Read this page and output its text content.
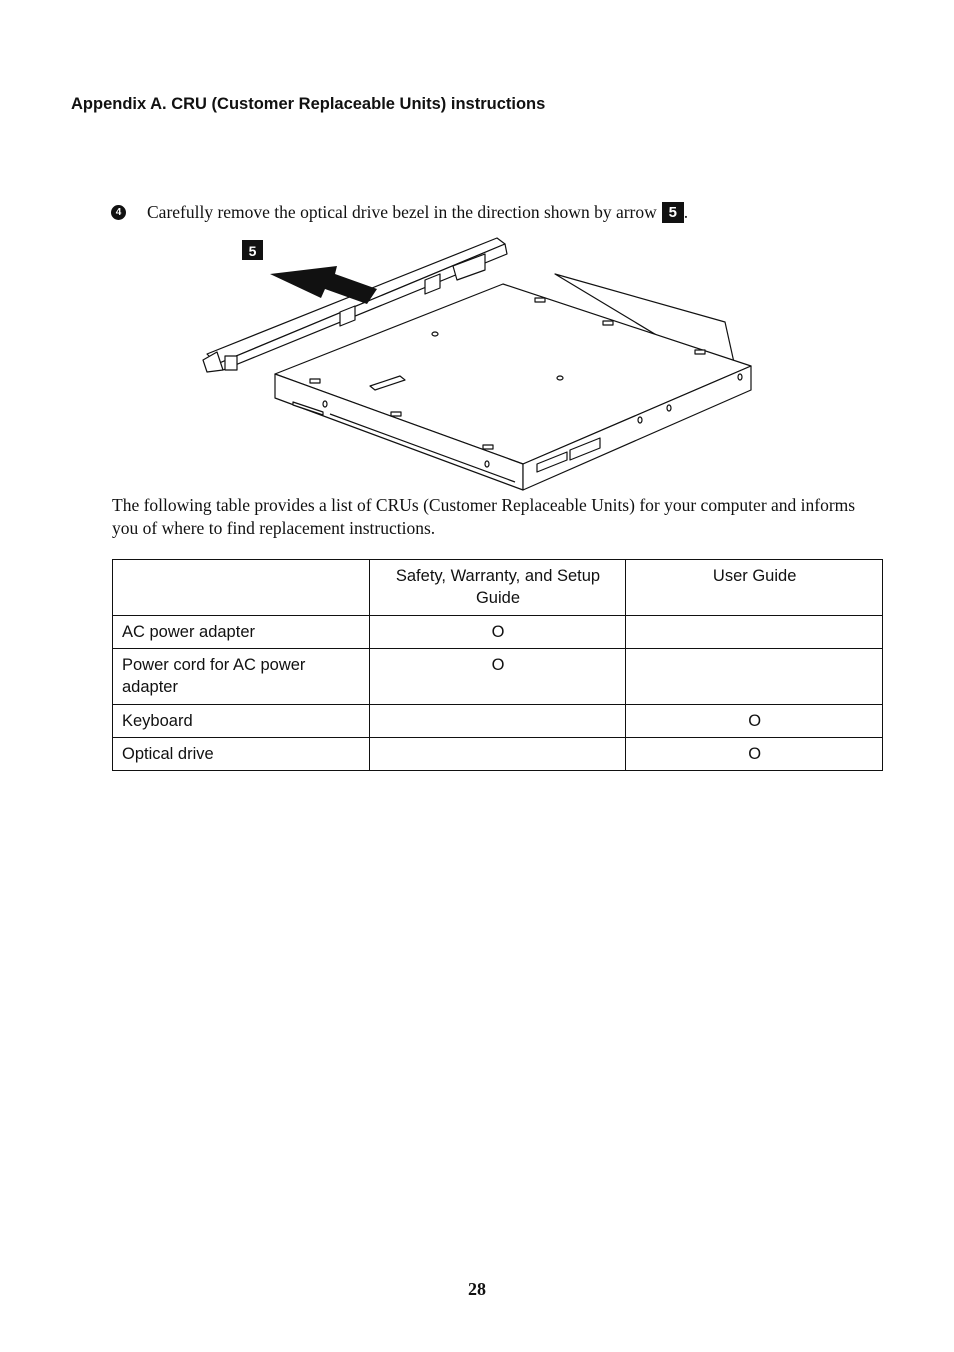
Appendix A. CRU (Customer Replaceable Units) instructions
4 Carefully remove the optical drive bezel in the direction shown by arrow 5 .
5
The following table provides a list of CRUs (Customer Replaceable Units) for your computer and informs you of where to find replacement instructions.
	Safety, Warranty, and Setup Guide	User Guide
AC power adapter	O	
Power cord for AC power adapter	O	
Keyboard		O
Optical drive		O
28
